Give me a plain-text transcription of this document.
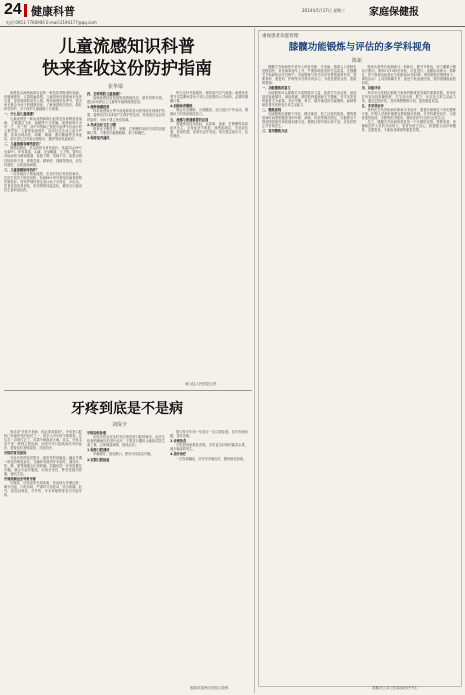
24 健康科普	2014年5月17日 星期三 家庭保健报
电话:0951-7766906 E-mail:2194177@qq.com
儿童流感知识科普
快来查收这份防护指南
张华瑞

流感是由流感病毒引起的一种急性呼吸道传染病，传播速度快，人群普遍易感，儿童因免疫系统尚未发育完善，更是流感的高发人群。每到流感高发季节，很多家长都会为孩子的健康担忧。了解流感相关知识，做好科学防护，对于保护儿童健康十分重要。

一、什么是儿童流感？

儿童流感是一种由流感病毒引起的急性呼吸道传染病，主要通过飞沫、接触等方式传播。流感病毒分为甲、乙、丙三型，其中甲型和乙型是引起季节性流行的主要类型。儿童感染流感后，症状往往比成人更为严重，容易出现高热、咳嗽、咽痛、肌肉酸痛等全身症状，部分患儿还可能出现呕吐、腹泻等消化道症状。

二、儿童流感有哪些症状？

流感起病急，多以高热为首发症状，体温可达39℃至40℃，伴有畏寒、头痛、全身酸痛、乏力等。婴幼儿可能表现为精神萎靡、食欲下降、哭闹不安。如果出现持续高热不退、呼吸急促、精神差、抽搐等情况，应及时就医，以免延误病情。

三、儿童流感如何治疗？

一旦怀疑孩子感染流感，应及时到正规医院就诊，在医生指导下规范用药。发病48小时内使用抗病毒药物效果较好。居家护理时要注意让孩子多休息、多饮水，饮食宜清淡易消化，密切观察体温变化，避免自行滥用抗生素和退烧药。

四、怎样预防儿童流感？

接种流感疫苗是预防流感最经济、最有效的手段。建议6月龄以上儿童每年接种流感疫苗。

1.接种流感疫苗

每年流感流行季节前接种疫苗可获得较好的保护效果，接种后约2至4周产生保护性抗体。家庭成员也应同时接种，为孩子建立免疫屏障。

2.养成良好卫生习惯

教育孩子勤洗手，咳嗽、打喷嚏时用纸巾或肘部遮掩口鼻，不要用手触摸眼睛、鼻子和嘴巴。

3.保持室内通风

每天定时开窗通风，保持室内空气流通；流感高发季节尽量避免带孩子到人员密集的公共场所，必要时佩戴口罩。

4.加强体育锻炼

保证充足睡眠，合理膳食，适当进行户外活动，增强孩子的体质和抵抗力。

五、流感与普通感冒的区别

普通感冒症状较轻，以鼻塞、流涕、打喷嚏等局部症状为主，全身症状不明显；流感起病急，全身症状重，传染性强，容易引起并发症。家长要注意区分，及时就医。

黄山县人民医院儿科
牙疼到底是不是病
刘保全

俗话说"牙疼不是病，疼起来真要命"。牙疼是口腔科门诊最常见的症状之一，很多人对牙疼不够重视，往往忍一忍就过去了，结果小病拖成大病。其实，牙疼本身不是一种独立的疾病，而是许多口腔疾病共有的症状，需要及时查明原因，对症治疗。

牙疼的常见原因

引起牙疼的原因很多，最常见的是龋齿。龋齿早期一般没有明显症状，当龋坏发展到牙本质时，遇到冷、热、酸、甜等刺激会出现疼痛。若龋坏进一步发展累及牙髓，就会引起牙髓炎，出现自发性、阵发性剧烈疼痛，夜间尤甚。

牙周疾病也会导致牙疼

牙龈炎、牙周炎等牙周疾病，常表现为牙龈红肿、刷牙出血、口腔异味，严重时牙齿松动、咬合疼痛。此外，智齿冠周炎、牙外伤、牙本质敏感等也可引起牙疼。

牙疼如何处理

出现牙疼后应及时到正规医院口腔科就诊，由医生检查明确病因后进行治疗，不要自行服用止痛药或抗生素了事，以免掩盖病情、延误治疗。

1.保持口腔清洁

早晚刷牙，饭后漱口，使用牙线清洁牙缝。

2.定期口腔检查

建议每半年到一年进行一次口腔检查，及早发现问题，及时处理。

3.合理饮食

少吃甜食和黏性食物，多吃富含纤维的蔬菜水果，减少龋齿的发生。

4.及时治疗

一旦发现龋齿，应尽早充填治疗，避免病变加深。

固原市原州区医院口腔科
重视患者功能管理：
膝髋功能锻炼与评估的多学科视角
陈新

膝髋关节疾病是中老年人的常见病、多发病，随着人口老龄化进程加快，其发病率逐年上升，严重影响患者的生活质量。在膝髋关节疾病的治疗过程中，功能锻炼与科学评估发挥着重要作用，需要骨科、康复科、护理等多学科共同参与，为患者提供全面、系统的管理。

一、功能锻炼的意义

功能锻炼可以增强关节周围肌肉力量，改善关节活动度，促进局部血液循环，减轻疼痛，预防肌肉萎缩和关节僵硬，对手术患者的康复尤为重要。术后早期、科学、循序渐进的功能锻炼，能够帮助患者尽快恢复日常生活能力。

二、锻炼原则

功能锻炼应遵循个体化、循序渐进、持之以恒的原则。锻炼强度和时间要根据患者的年龄、病情、体质等情况制定，以锻炼后不感到明显疲劳和疼痛加重为宜。锻炼过程中如出现不适，应及时停止并咨询医生。

三、常用锻炼方法

股四头肌等长收缩练习：仰卧位，膝关节伸直，用力绷紧大腿前方肌肉，保持5至10秒后放松，反复进行。直腿抬高练习：仰卧位，将下肢伸直抬高至与床面成30至45度，保持数秒后缓慢放下。踝泵运动：主动屈伸踝关节，促进下肢血液回流，预防深静脉血栓形成。

四、功能评估

科学评估是制定锻炼方案和判断康复效果的重要依据。常用评估内容包括疼痛程度、关节活动度、肌力、步态及日常生活能力等。通过定期评估，及时调整锻炼计划，提高康复质量。

五、多学科协作

骨科医生负责疾病诊断和手术治疗，康复医师制定个体化锻炼方案，护理人员做好健康宣教和随访管理，多学科紧密协作，为患者提供连续、全程的医疗服务，帮助患者早日回归正常生活。

总之，膝髋关节疾病的康复是一个长期的过程，需要患者、家属和医护人员的共同努力。患者应树立信心，积极配合治疗和锻炼，定期复查，才能取得满意的康复效果。

成都市公共卫生临床医疗中心
